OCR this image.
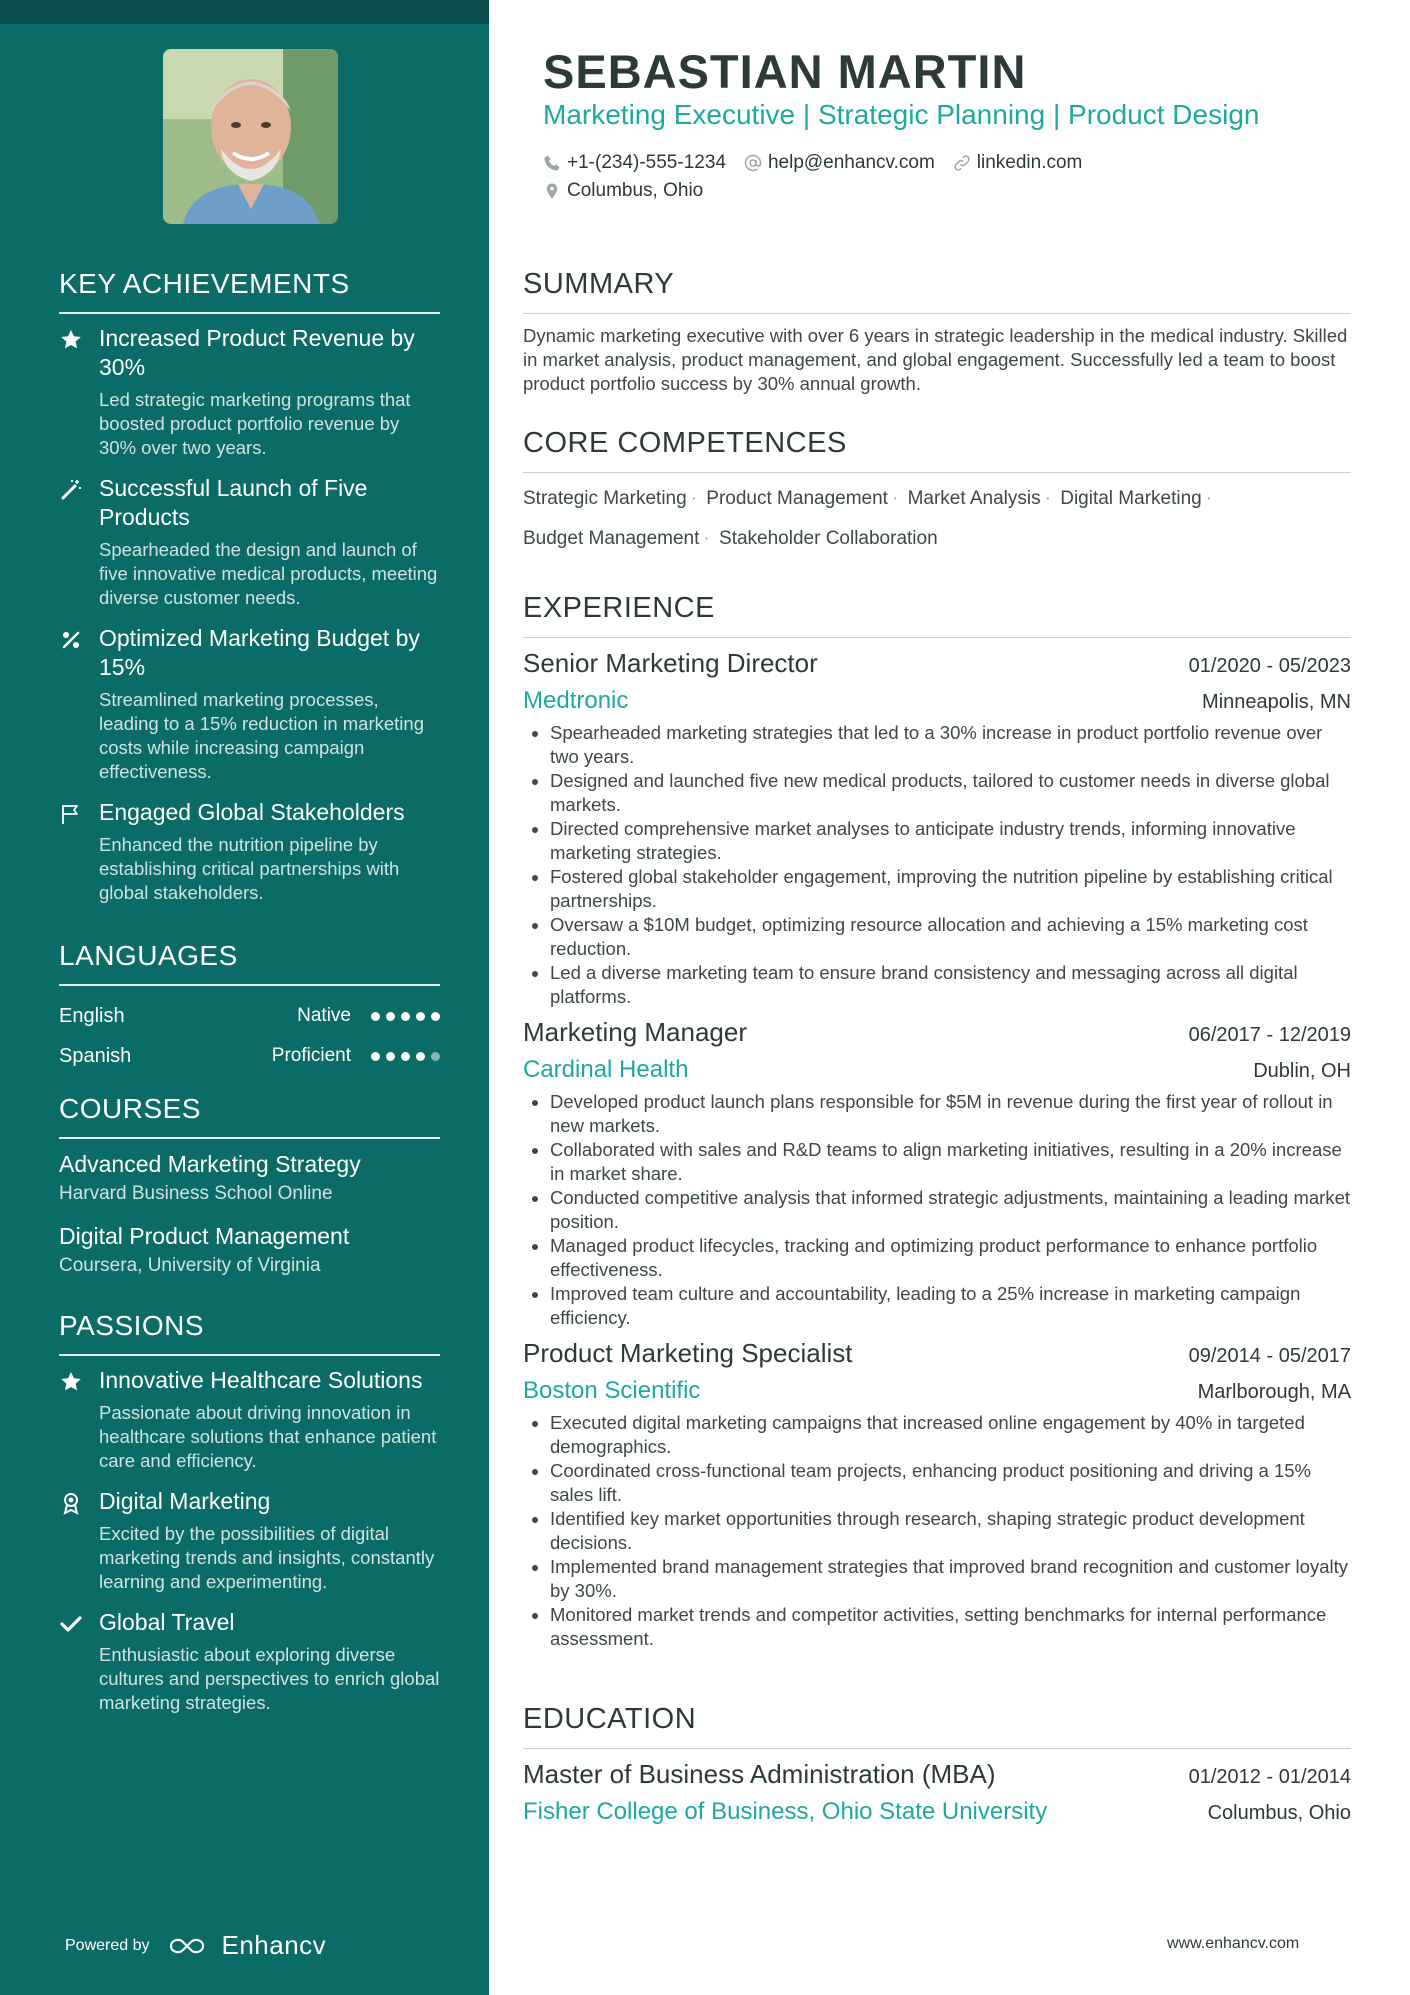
KEY ACHIEVEMENTS
Increased Product Revenue by 30%
Led strategic marketing programs that boosted product portfolio revenue by 30% over two years.
Successful Launch of Five Products
Spearheaded the design and launch of five innovative medical products, meeting diverse customer needs.
Optimized Marketing Budget by 15%
Streamlined marketing processes, leading to a 15% reduction in marketing costs while increasing campaign effectiveness.
Engaged Global Stakeholders
Enhanced the nutrition pipeline by establishing critical partnerships with global stakeholders.
LANGUAGES
English	Native
Spanish	Proficient
COURSES
Advanced Marketing Strategy
Harvard Business School Online
Digital Product Management
Coursera, University of Virginia
PASSIONS
Innovative Healthcare Solutions
Passionate about driving innovation in healthcare solutions that enhance patient care and efficiency.
Digital Marketing
Excited by the possibilities of digital marketing trends and insights, constantly learning and experimenting.
Global Travel
Enthusiastic about exploring diverse cultures and perspectives to enrich global marketing strategies.
Powered by	Enhancv
SEBASTIAN MARTIN
Marketing Executive | Strategic Planning | Product Design
+1-(234)-555-1234 help@enhancv.com linkedin.com
Columbus, Ohio
SUMMARY
Dynamic marketing executive with over 6 years in strategic leadership in the medical industry. Skilled in market analysis, product management, and global engagement. Successfully led a team to boost product portfolio success by 30% annual growth.
CORE COMPETENCES
Strategic Marketing · Product Management · Market Analysis · Digital Marketing ·
Budget Management · Stakeholder Collaboration
EXPERIENCE
Senior Marketing Director	01/2020 - 05/2023
Medtronic	Minneapolis, MN
• Spearheaded marketing strategies that led to a 30% increase in product portfolio revenue over two years.
• Designed and launched five new medical products, tailored to customer needs in diverse global markets.
• Directed comprehensive market analyses to anticipate industry trends, informing innovative marketing strategies.
• Fostered global stakeholder engagement, improving the nutrition pipeline by establishing critical partnerships.
• Oversaw a $10M budget, optimizing resource allocation and achieving a 15% marketing cost reduction.
• Led a diverse marketing team to ensure brand consistency and messaging across all digital platforms.
Marketing Manager	06/2017 - 12/2019
Cardinal Health	Dublin, OH
• Developed product launch plans responsible for $5M in revenue during the first year of rollout in new markets.
• Collaborated with sales and R&D teams to align marketing initiatives, resulting in a 20% increase in market share.
• Conducted competitive analysis that informed strategic adjustments, maintaining a leading market position.
• Managed product lifecycles, tracking and optimizing product performance to enhance portfolio effectiveness.
• Improved team culture and accountability, leading to a 25% increase in marketing campaign efficiency.
Product Marketing Specialist	09/2014 - 05/2017
Boston Scientific	Marlborough, MA
• Executed digital marketing campaigns that increased online engagement by 40% in targeted demographics.
• Coordinated cross-functional team projects, enhancing product positioning and driving a 15% sales lift.
• Identified key market opportunities through research, shaping strategic product development decisions.
• Implemented brand management strategies that improved brand recognition and customer loyalty by 30%.
• Monitored market trends and competitor activities, setting benchmarks for internal performance assessment.
EDUCATION
Master of Business Administration (MBA)	01/2012 - 01/2014
Fisher College of Business, Ohio State University	Columbus, Ohio
www.enhancv.com
